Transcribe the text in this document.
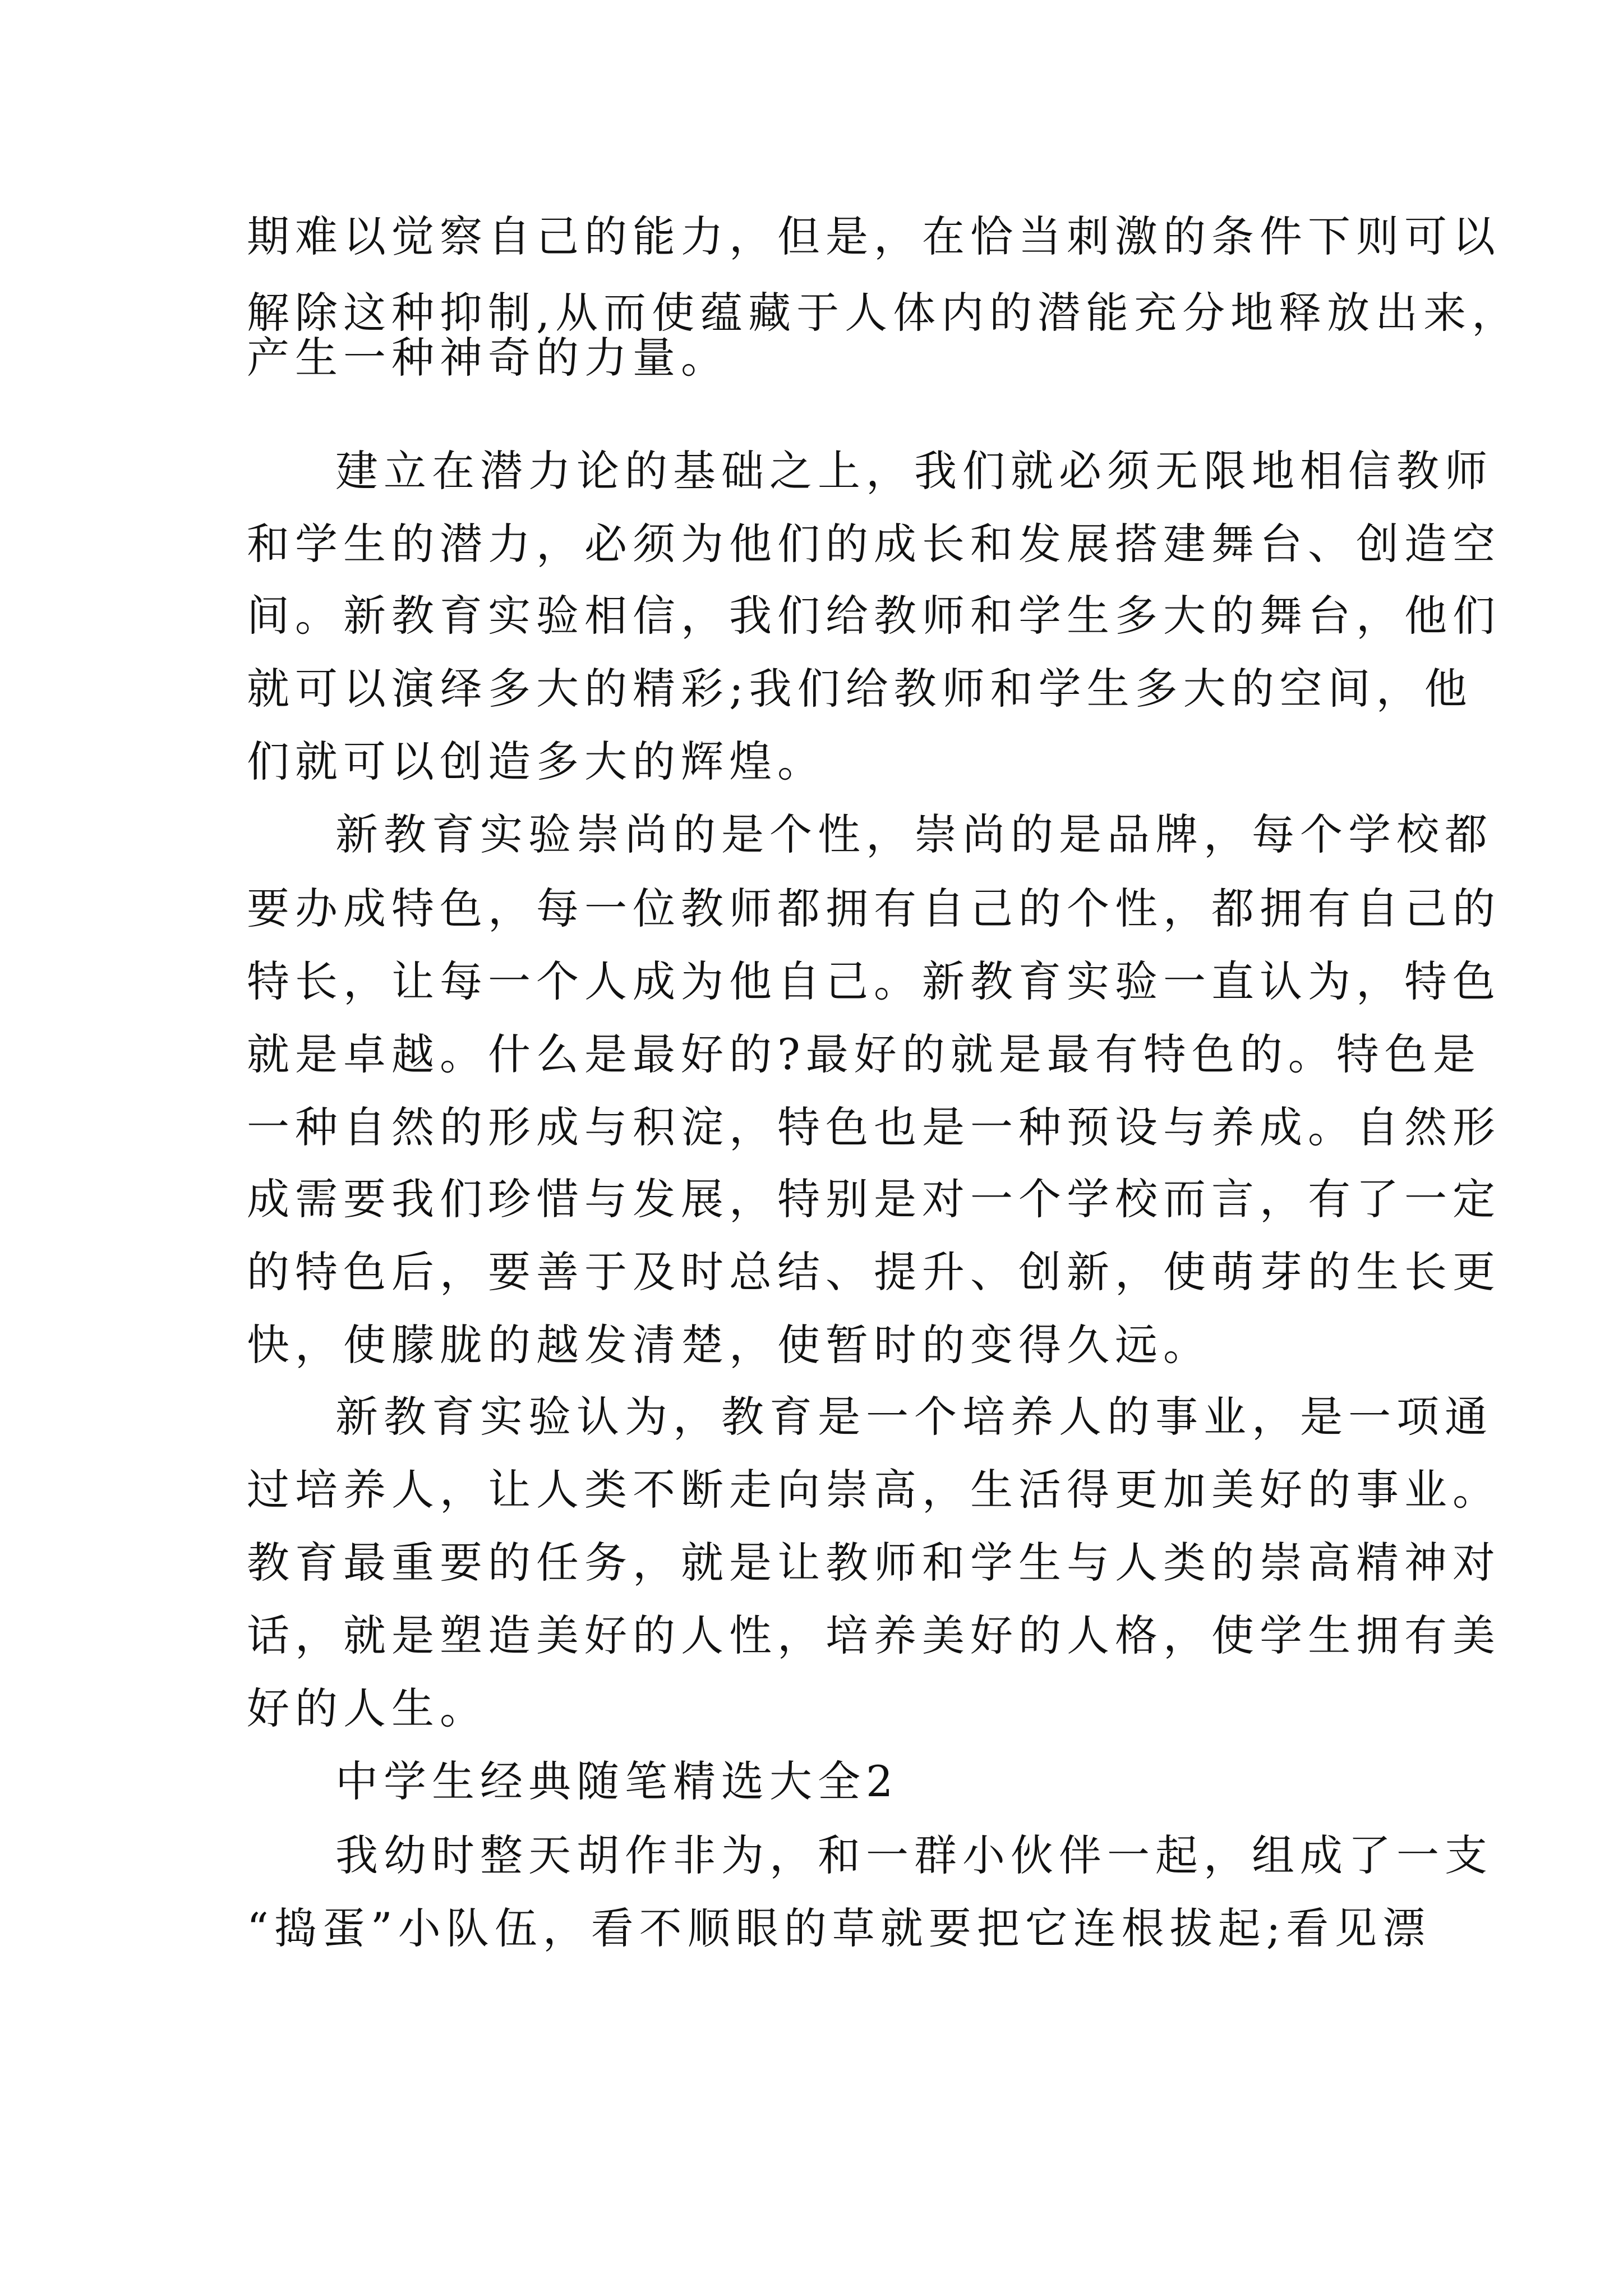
期难以觉察自己的能力，但是，在恰当刺激的条件下则可以
解除这种抑制,从而使蕴藏于人体内的潜能充分地释放出来，
产生一种神奇的力量。
建立在潜力论的基础之上，我们就必须无限地相信教师
和学生的潜力，必须为他们的成长和发展搭建舞台、创造空
间。新教育实验相信，我们给教师和学生多大的舞台，他们
就可以演绎多大的精彩;我们给教师和学生多大的空间，他
们就可以创造多大的辉煌。
新教育实验崇尚的是个性，崇尚的是品牌，每个学校都
要办成特色，每一位教师都拥有自己的个性，都拥有自己的
特长，让每一个人成为他自己。新教育实验一直认为，特色
就是卓越。什么是最好的?最好的就是最有特色的。特色是
一种自然的形成与积淀，特色也是一种预设与养成。自然形
成需要我们珍惜与发展，特别是对一个学校而言，有了一定
的特色后，要善于及时总结、提升、创新，使萌芽的生长更
快，使朦胧的越发清楚，使暂时的变得久远。
新教育实验认为，教育是一个培养人的事业，是一项通
过培养人，让人类不断走向崇高，生活得更加美好的事业。
教育最重要的任务，就是让教师和学生与人类的崇高精神对
话，就是塑造美好的人性，培养美好的人格，使学生拥有美
好的人生。
中学生经典随笔精选大全2
我幼时整天胡作非为，和一群小伙伴一起，组成了一支
“捣蛋”小队伍，看不顺眼的草就要把它连根拔起;看见漂
